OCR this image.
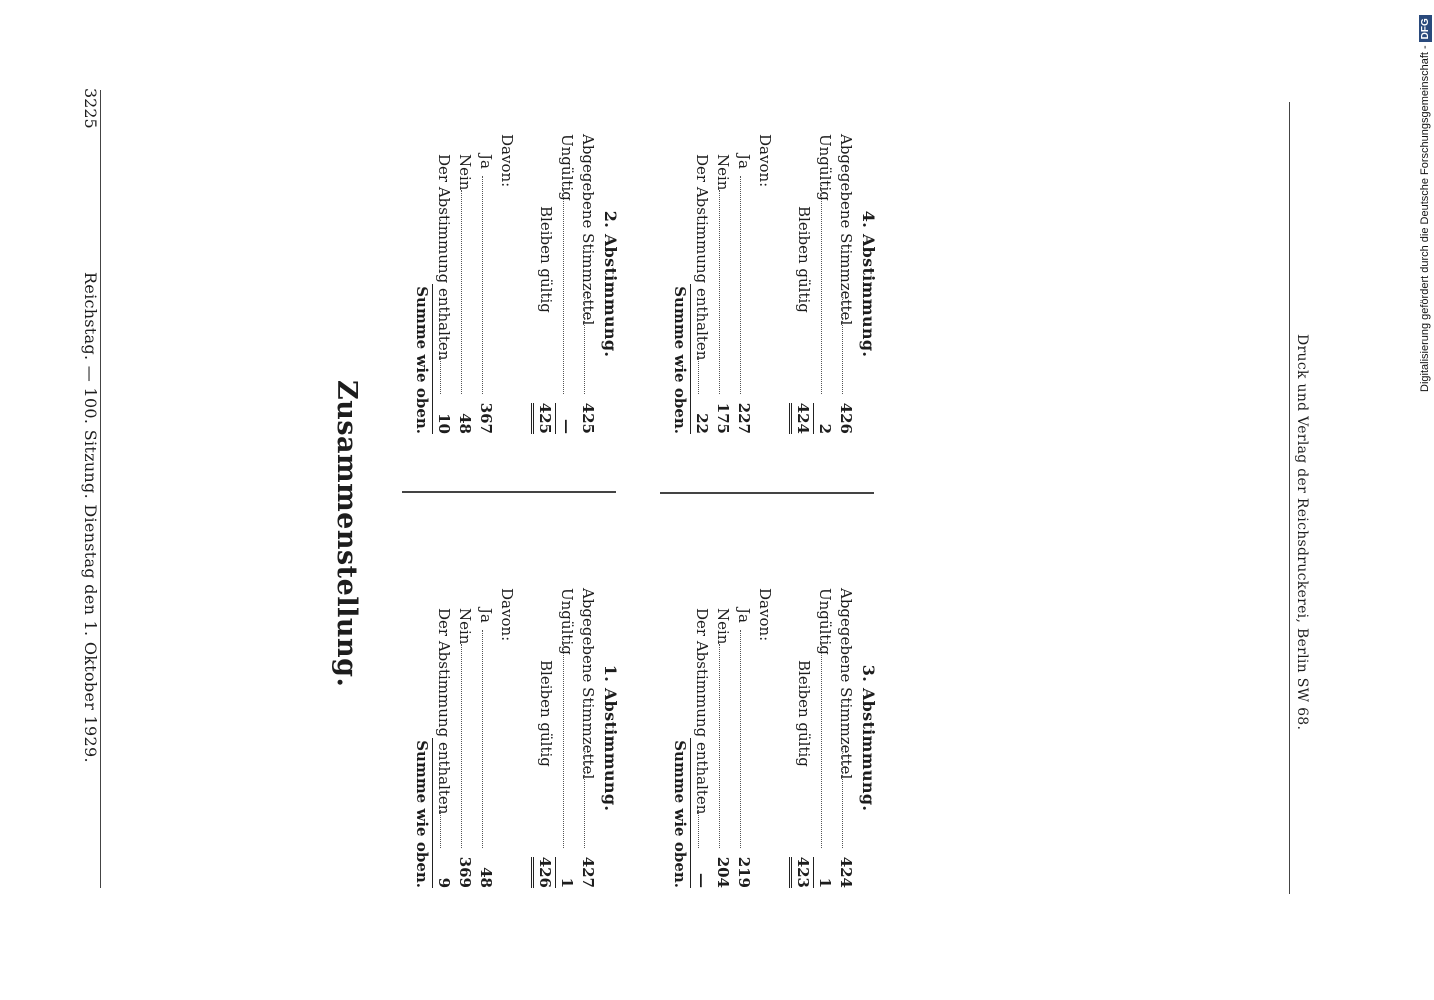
Digitalisierung gefördert durch die Deutsche Forschungsgemeinschaft -DFG
Reichstag. — 100. Sitzung. Dienstag den 1. Oktober 1929.
3225
Zusammenstellung.
1. Abstimmung.
Abgegebene Stimmzettel
427
Ungültig
1
Bleiben gültig
426
Davon:
Ja
48
Nein
369
Der Abstimmung enthalten
9
Summe wie oben.
2. Abstimmung.
Abgegebene Stimmzettel
425
Ungültig
—
Bleiben gültig
425
Davon:
Ja
367
Nein
48
Der Abstimmung enthalten
10
Summe wie oben.
3. Abstimmung.
Abgegebene Stimmzettel
424
Ungültig
1
Bleiben gültig
423
Davon:
Ja
219
Nein
204
Der Abstimmung enthalten
—
Summe wie oben.
4. Abstimmung.
Abgegebene Stimmzettel
426
Ungültig
2
Bleiben gültig
424
Davon:
Ja
227
Nein
175
Der Abstimmung enthalten
22
Summe wie oben.	Druck und Verlag der Reichsdruckerei, Berlin SW 68.
